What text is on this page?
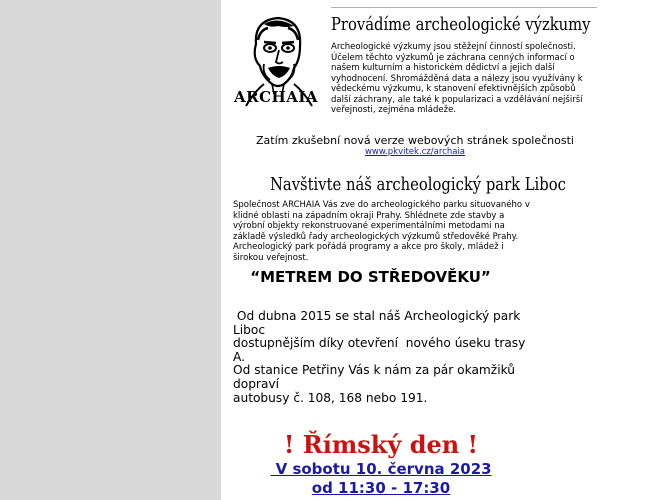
ARCHAIA
Provádíme archeologické výzkumy
Archeologické výzkumy jsou stěžejní činností společnosti. Účelem těchto výzkumů je záchrana cenných informací o našem kulturním a historickém dědictví a jejich další vyhodnocení. Shromážděná data a nálezy jsou využívány k vědeckému výzkumu, k stanovení efektivnějších způsobů další záchrany, ale také k popularizaci a vzdělávání nejširší veřejnosti, zejména mládeže.
Zatím zkušební nová verze webových stránek společnosti
www.pkvitek.cz/archaia
Navštivte náš archeologický park Liboc
Společnost ARCHAIA Vás zve do archeologického parku situovaného v klidné oblasti na západním okraji Prahy. Shlédnete zde stavby a výrobní objekty rekonstruované experimentálními metodami na základě výsledků řady archeologických výzkumů středověké Prahy. Archeologický park pořádá programy a akce pro školy, mládež i širokou veřejnost.
“METREM DO STŘEDOVĚKU”
Od dubna 2015 se stal náš Archeologický park
Liboc
dostupnějším díky otevření  nového úseku trasy
A.
Od stanice Petřiny Vás k nám za pár okamžiků
dopraví
autobusy č. 108, 168 nebo 191.
! Římský den !
V sobotu 10. června 2023
od 11:30 - 17:30
